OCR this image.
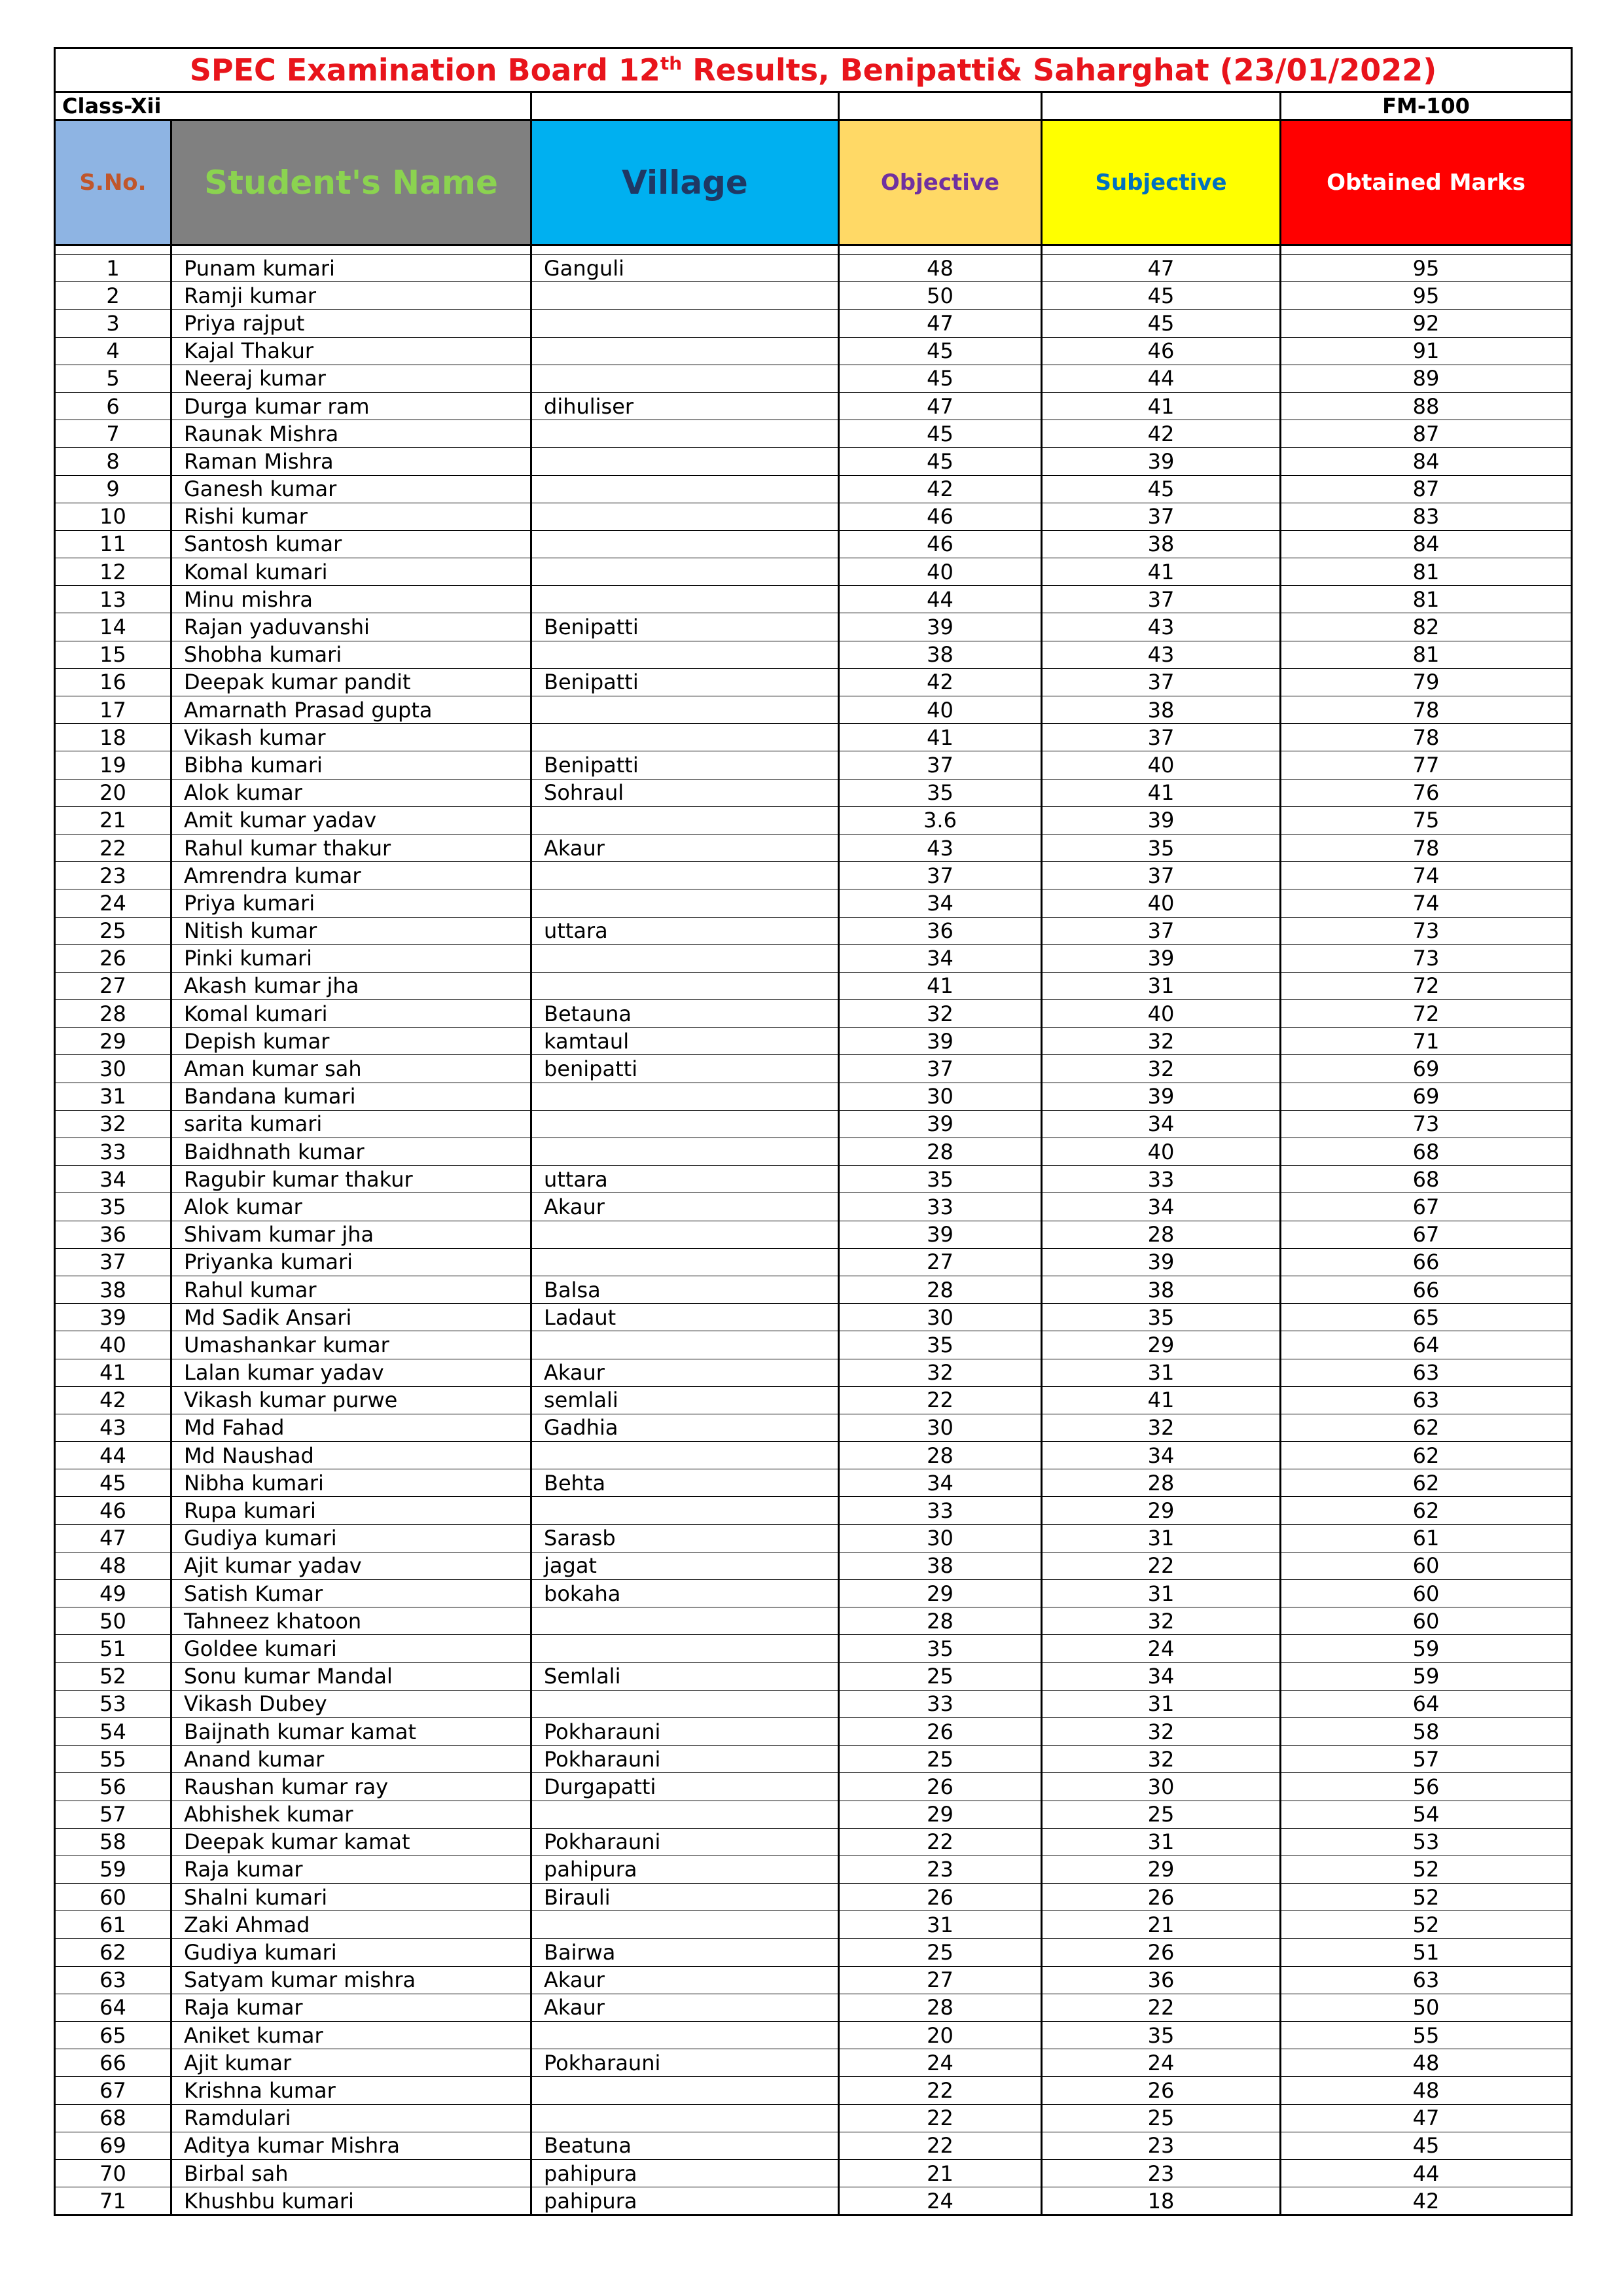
SPEC Examination Board 12th Results, Benipatti& Saharghat (23/01/2022)					
Class-Xii					FM-100
S.No.	Student's Name	Village	Objective	Subjective	Obtained Marks

1	Punam kumari	Ganguli	48	47	95
2	Ramji kumar		50	45	95
3	Priya rajput		47	45	92
4	Kajal Thakur		45	46	91
5	Neeraj kumar		45	44	89
6	Durga kumar ram	dihuliser	47	41	88
7	Raunak Mishra		45	42	87
8	Raman Mishra		45	39	84
9	Ganesh kumar		42	45	87
10	Rishi kumar		46	37	83
11	Santosh kumar		46	38	84
12	Komal kumari		40	41	81
13	Minu mishra		44	37	81
14	Rajan yaduvanshi	Benipatti	39	43	82
15	Shobha kumari		38	43	81
16	Deepak kumar pandit	Benipatti	42	37	79
17	Amarnath Prasad gupta		40	38	78
18	Vikash kumar		41	37	78
19	Bibha kumari	Benipatti	37	40	77
20	Alok kumar	Sohraul	35	41	76
21	Amit kumar yadav		3.6	39	75
22	Rahul kumar thakur	Akaur	43	35	78
23	Amrendra kumar		37	37	74
24	Priya kumari		34	40	74
25	Nitish kumar	uttara	36	37	73
26	Pinki kumari		34	39	73
27	Akash kumar jha		41	31	72
28	Komal kumari	Betauna	32	40	72
29	Depish kumar	kamtaul	39	32	71
30	Aman kumar sah	benipatti	37	32	69
31	Bandana kumari		30	39	69
32	sarita kumari		39	34	73
33	Baidhnath kumar		28	40	68
34	Ragubir kumar thakur	uttara	35	33	68
35	Alok kumar	Akaur	33	34	67
36	Shivam kumar jha		39	28	67
37	Priyanka kumari		27	39	66
38	Rahul kumar	Balsa	28	38	66
39	Md Sadik Ansari	Ladaut	30	35	65
40	Umashankar kumar		35	29	64
41	Lalan kumar yadav	Akaur	32	31	63
42	Vikash kumar purwe	semlali	22	41	63
43	Md Fahad	Gadhia	30	32	62
44	Md Naushad		28	34	62
45	Nibha kumari	Behta	34	28	62
46	Rupa kumari		33	29	62
47	Gudiya kumari	Sarasb	30	31	61
48	Ajit kumar yadav	jagat	38	22	60
49	Satish Kumar	bokaha	29	31	60
50	Tahneez khatoon		28	32	60
51	Goldee kumari		35	24	59
52	Sonu kumar Mandal	Semlali	25	34	59
53	Vikash Dubey		33	31	64
54	Baijnath kumar kamat	Pokharauni	26	32	58
55	Anand kumar	Pokharauni	25	32	57
56	Raushan kumar ray	Durgapatti	26	30	56
57	Abhishek kumar		29	25	54
58	Deepak kumar kamat	Pokharauni	22	31	53
59	Raja kumar	pahipura	23	29	52
60	Shalni kumari	Birauli	26	26	52
61	Zaki Ahmad		31	21	52
62	Gudiya kumari	Bairwa	25	26	51
63	Satyam kumar mishra	Akaur	27	36	63
64	Raja kumar	Akaur	28	22	50
65	Aniket kumar		20	35	55
66	Ajit kumar	Pokharauni	24	24	48
67	Krishna kumar		22	26	48
68	Ramdulari		22	25	47
69	Aditya kumar Mishra	Beatuna	22	23	45
70	Birbal sah	pahipura	21	23	44
71	Khushbu kumari	pahipura	24	18	42
